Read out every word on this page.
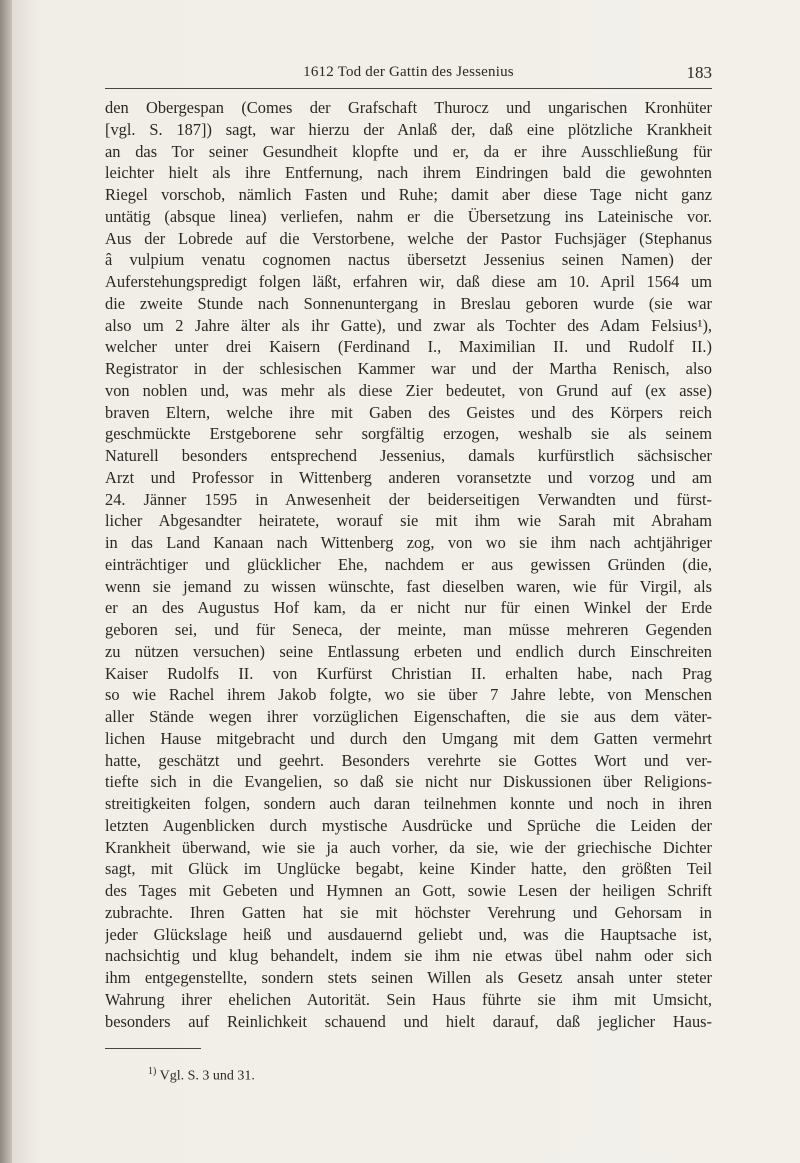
1612 Tod der Gattin des Jessenius	183
den Obergespan (Comes der Grafschaft Thurocz und ungarischen Kronhüter
[vgl. S. 187]) sagt, war hierzu der Anlaß der, daß eine plötzliche Krankheit
an das Tor seiner Gesundheit klopfte und er, da er ihre Ausschließung für
leichter hielt als ihre Entfernung, nach ihrem Eindringen bald die gewohnten
Riegel vorschob, nämlich Fasten und Ruhe; damit aber diese Tage nicht ganz
untätig (absque linea) verliefen, nahm er die Übersetzung ins Lateinische vor.
Aus der Lobrede auf die Verstorbene, welche der Pastor Fuchsjäger (Stephanus
â vulpium venatu cognomen nactus übersetzt Jessenius seinen Namen) der
Auferstehungspredigt folgen läßt, erfahren wir, daß diese am 10. April 1564 um
die zweite Stunde nach Sonnenuntergang in Breslau geboren wurde (sie war
also um 2 Jahre älter als ihr Gatte), und zwar als Tochter des Adam Felsius¹),
welcher unter drei Kaisern (Ferdinand I., Maximilian II. und Rudolf II.)
Registrator in der schlesischen Kammer war und der Martha Renisch, also
von noblen und, was mehr als diese Zier bedeutet, von Grund auf (ex asse)
braven Eltern, welche ihre mit Gaben des Geistes und des Körpers reich
geschmückte Erstgeborene sehr sorgfältig erzogen, weshalb sie als seinem
Naturell besonders entsprechend Jessenius, damals kurfürstlich sächsischer
Arzt und Professor in Wittenberg anderen voransetzte und vorzog und am
24. Jänner 1595 in Anwesenheit der beiderseitigen Verwandten und fürst-
licher Abgesandter heiratete, worauf sie mit ihm wie Sarah mit Abraham
in das Land Kanaan nach Wittenberg zog, von wo sie ihm nach achtjähriger
einträchtiger und glücklicher Ehe, nachdem er aus gewissen Gründen (die,
wenn sie jemand zu wissen wünschte, fast dieselben waren, wie für Virgil, als
er an des Augustus Hof kam, da er nicht nur für einen Winkel der Erde
geboren sei, und für Seneca, der meinte, man müsse mehreren Gegenden
zu nützen versuchen) seine Entlassung erbeten und endlich durch Einschreiten
Kaiser Rudolfs II. von Kurfürst Christian II. erhalten habe, nach Prag
so wie Rachel ihrem Jakob folgte, wo sie über 7 Jahre lebte, von Menschen
aller Stände wegen ihrer vorzüglichen Eigenschaften, die sie aus dem väter-
lichen Hause mitgebracht und durch den Umgang mit dem Gatten vermehrt
hatte, geschätzt und geehrt. Besonders verehrte sie Gottes Wort und ver-
tiefte sich in die Evangelien, so daß sie nicht nur Diskussionen über Religions-
streitigkeiten folgen, sondern auch daran teilnehmen konnte und noch in ihren
letzten Augenblicken durch mystische Ausdrücke und Sprüche die Leiden der
Krankheit überwand, wie sie ja auch vorher, da sie, wie der griechische Dichter
sagt, mit Glück im Unglücke begabt, keine Kinder hatte, den größten Teil
des Tages mit Gebeten und Hymnen an Gott, sowie Lesen der heiligen Schrift
zubrachte. Ihren Gatten hat sie mit höchster Verehrung und Gehorsam in
jeder Glückslage heiß und ausdauernd geliebt und, was die Hauptsache ist,
nachsichtig und klug behandelt, indem sie ihm nie etwas übel nahm oder sich
ihm entgegenstellte, sondern stets seinen Willen als Gesetz ansah unter steter
Wahrung ihrer ehelichen Autorität. Sein Haus führte sie ihm mit Umsicht,
besonders auf Reinlichkeit schauend und hielt darauf, daß jeglicher Haus-
$^{1)}$ Vgl. S. 3 und 31.
